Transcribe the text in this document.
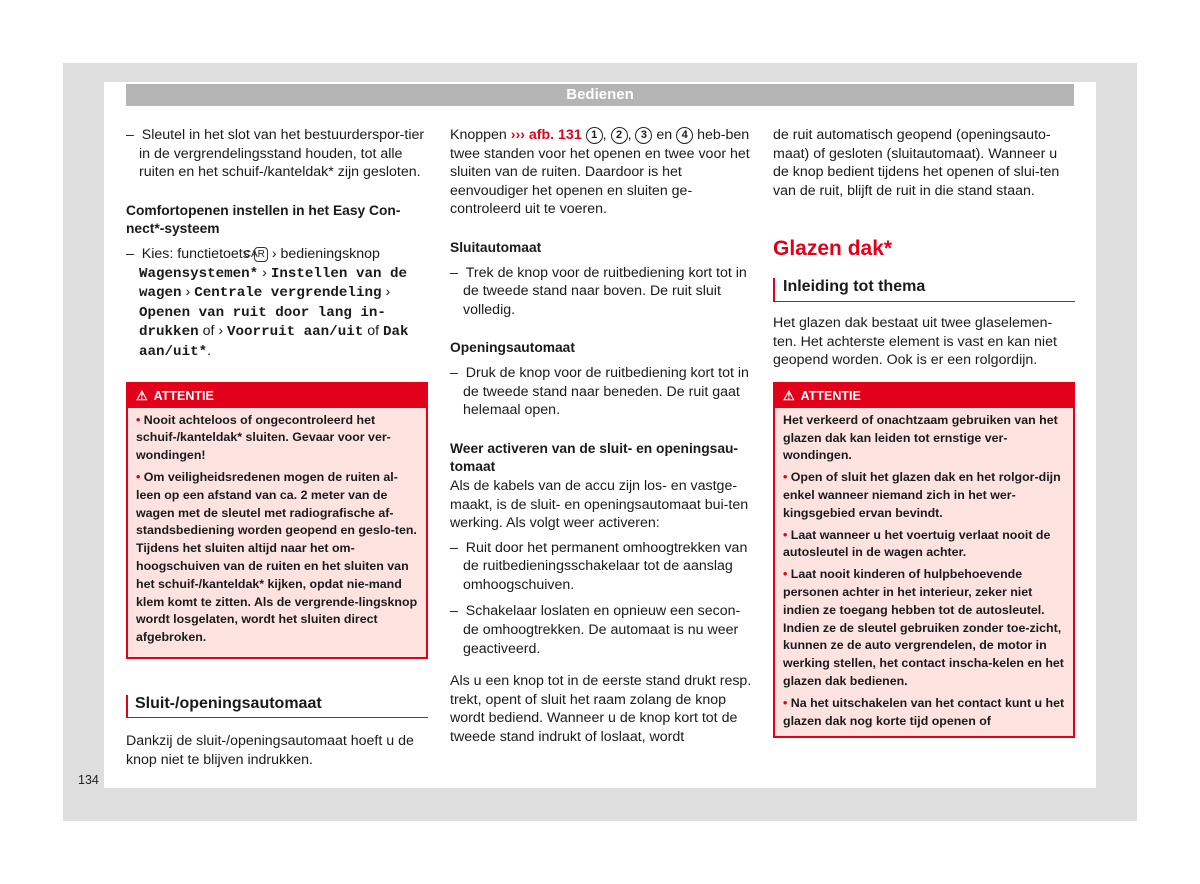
Bedienen

–  Sleutel in het slot van het bestuurderspor-tier in de vergrendelingsstand houden, tot alle ruiten en het schuif-/kanteldak* zijn gesloten.

Comfortopenen instellen in het Easy Con-nect*-systeem

–  Kies: functietoets CAR › bedieningsknop Wagensystemen* › Instellen van de wagen › Centrale vergrendeling › Openen van ruit door lang in-drukken of › Voorruit aan/uit of Dak aan/uit*.

⚠ ATTENTIE

• Nooit achteloos of ongecontroleerd het schuif-/kanteldak* sluiten. Gevaar voor ver-wondingen!

• Om veiligheidsredenen mogen de ruiten al-leen op een afstand van ca. 2 meter van de wagen met de sleutel met radiografische af-standsbediening worden geopend en geslo-ten. Tijdens het sluiten altijd naar het om-hoogschuiven van de ruiten en het sluiten van het schuif-/kanteldak* kijken, opdat nie-mand klem komt te zitten. Als de vergrende-lingsknop wordt losgelaten, wordt het sluiten direct afgebroken.

Sluit-/openingsautomaat

Dankzij de sluit-/openingsautomaat hoeft u de knop niet te blijven indrukken.

Knoppen ››› afb. 131 1 , 2 , 3 en 4 heb-ben twee standen voor het openen en twee voor het sluiten van de ruiten. Daardoor is het eenvoudiger het openen en sluiten ge-controleerd uit te voeren.

Sluitautomaat

–  Trek de knop voor de ruitbediening kort tot in de tweede stand naar boven. De ruit sluit volledig.

Openingsautomaat

–  Druk de knop voor de ruitbediening kort tot in de tweede stand naar beneden. De ruit gaat helemaal open.

Weer activeren van de sluit- en openingsau-tomaat

Als de kabels van de accu zijn los- en vastge-maakt, is de sluit- en openingsautomaat bui-ten werking. Als volgt weer activeren:

–  Ruit door het permanent omhoogtrekken van de ruitbedieningsschakelaar tot de aanslag omhoogschuiven.

–  Schakelaar loslaten en opnieuw een secon-de omhoogtrekken. De automaat is nu weer geactiveerd.

Als u een knop tot in de eerste stand drukt resp. trekt, opent of sluit het raam zolang de knop wordt bediend. Wanneer u de knop kort tot de tweede stand indrukt of loslaat, wordt

de ruit automatisch geopend (openingsauto-maat) of gesloten (sluitautomaat). Wanneer u de knop bedient tijdens het openen of slui-ten van de ruit, blijft de ruit in die stand staan.

Glazen dak*

Inleiding tot thema

Het glazen dak bestaat uit twee glaselemen-ten. Het achterste element is vast en kan niet geopend worden. Ook is er een rolgordijn.

⚠ ATTENTIE

Het verkeerd of onachtzaam gebruiken van het glazen dak kan leiden tot ernstige ver-wondingen.

• Open of sluit het glazen dak en het rolgor-dijn enkel wanneer niemand zich in het wer-kingsgebied ervan bevindt.

• Laat wanneer u het voertuig verlaat nooit de autosleutel in de wagen achter.

• Laat nooit kinderen of hulpbehoevende personen achter in het interieur, zeker niet indien ze toegang hebben tot de autosleutel. Indien ze de sleutel gebruiken zonder toe-zicht, kunnen ze de auto vergrendelen, de motor in werking stellen, het contact inscha-kelen en het glazen dak bedienen.

• Na het uitschakelen van het contact kunt u het glazen dak nog korte tijd openen of

134
